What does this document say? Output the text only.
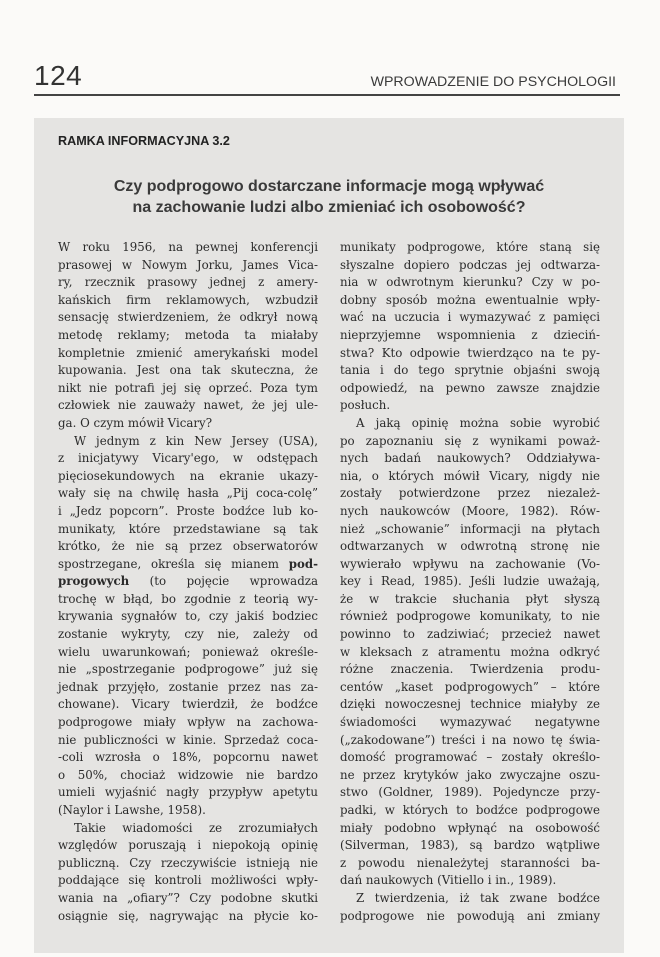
124	WPROWADZENIE DO PSYCHOLOGII
RAMKA INFORMACYJNA 3.2
Czy podprogowo dostarczane informacje mogą wpływać
na zachowanie ludzi albo zmieniać ich osobowość?

W roku 1956, na pewnej konferencji
prasowej w Nowym Jorku, James Vica-
ry, rzecznik prasowy jednej z amery-
kańskich firm reklamowych, wzbudził
sensację stwierdzeniem, że odkrył nową
metodę reklamy; metoda ta miałaby
kompletnie zmienić amerykański model
kupowania. Jest ona tak skuteczna, że
nikt nie potrafi jej się oprzeć. Poza tym
człowiek nie zauważy nawet, że jej ule-
ga. O czym mówił Vicary?

W jednym z kin New Jersey (USA),
z inicjatywy Vicary'ego, w odstępach
pięciosekundowych na ekranie ukazy-
wały się na chwilę hasła „Pij coca-colę”
i „Jedz popcorn”. Proste bodźce lub ko-
munikaty, które przedstawiane są tak
krótko, że nie są przez obserwatorów
spostrzegane, określa się mianem pod-
progowych (to pojęcie wprowadza
trochę w błąd, bo zgodnie z teorią wy-
krywania sygnałów to, czy jakiś bodziec
zostanie wykryty, czy nie, zależy od
wielu uwarunkowań; ponieważ określe-
nie „spostrzeganie podprogowe” już się
jednak przyjęło, zostanie przez nas za-
chowane). Vicary twierdził, że bodźce
podprogowe miały wpływ na zachowa-
nie publiczności w kinie. Sprzedaż coca-
-coli wzrosła o 18%, popcornu nawet
o 50%, chociaż widzowie nie bardzo
umieli wyjaśnić nagły przypływ apetytu
(Naylor i Lawshe, 1958).

Takie wiadomości ze zrozumiałych
względów poruszają i niepokoją opinię
publiczną. Czy rzeczywiście istnieją nie
poddające się kontroli możliwości wpły-
wania na „ofiary”? Czy podobne skutki
osiągnie się, nagrywając na płycie ko-

munikaty podprogowe, które staną się
słyszalne dopiero podczas jej odtwarza-
nia w odwrotnym kierunku? Czy w po-
dobny sposób można ewentualnie wpły-
wać na uczucia i wymazywać z pamięci
nieprzyjemne wspomnienia z dzieciń-
stwa? Kto odpowie twierdząco na te py-
tania i do tego sprytnie objaśni swoją
odpowiedź, na pewno zawsze znajdzie
posłuch.

A jaką opinię można sobie wyrobić
po zapoznaniu się z wynikami poważ-
nych badań naukowych? Oddziaływa-
nia, o których mówił Vicary, nigdy nie
zostały potwierdzone przez niezależ-
nych naukowców (Moore, 1982). Rów-
nież „schowanie” informacji na płytach
odtwarzanych w odwrotną stronę nie
wywierało wpływu na zachowanie (Vo-
key i Read, 1985). Jeśli ludzie uważają,
że w trakcie słuchania płyt słyszą
również podprogowe komunikaty, to nie
powinno to zadziwiać; przecież nawet
w kleksach z atramentu można odkryć
różne znaczenia. Twierdzenia produ-
centów „kaset podprogowych” – które
dzięki nowoczesnej technice miałyby ze
świadomości wymazywać negatywne
(„zakodowane”) treści i na nowo tę świa-
domość programować – zostały określo-
ne przez krytyków jako zwyczajne oszu-
stwo (Goldner, 1989). Pojedyncze przy-
padki, w których to bodźce podprogowe
miały podobno wpłynąć na osobowość
(Silverman, 1983), są bardzo wątpliwe
z powodu nienależytej staranności ba-
dań naukowych (Vitiello i in., 1989).

Z twierdzenia, iż tak zwane bodźce
podprogowe nie powodują ani zmiany
